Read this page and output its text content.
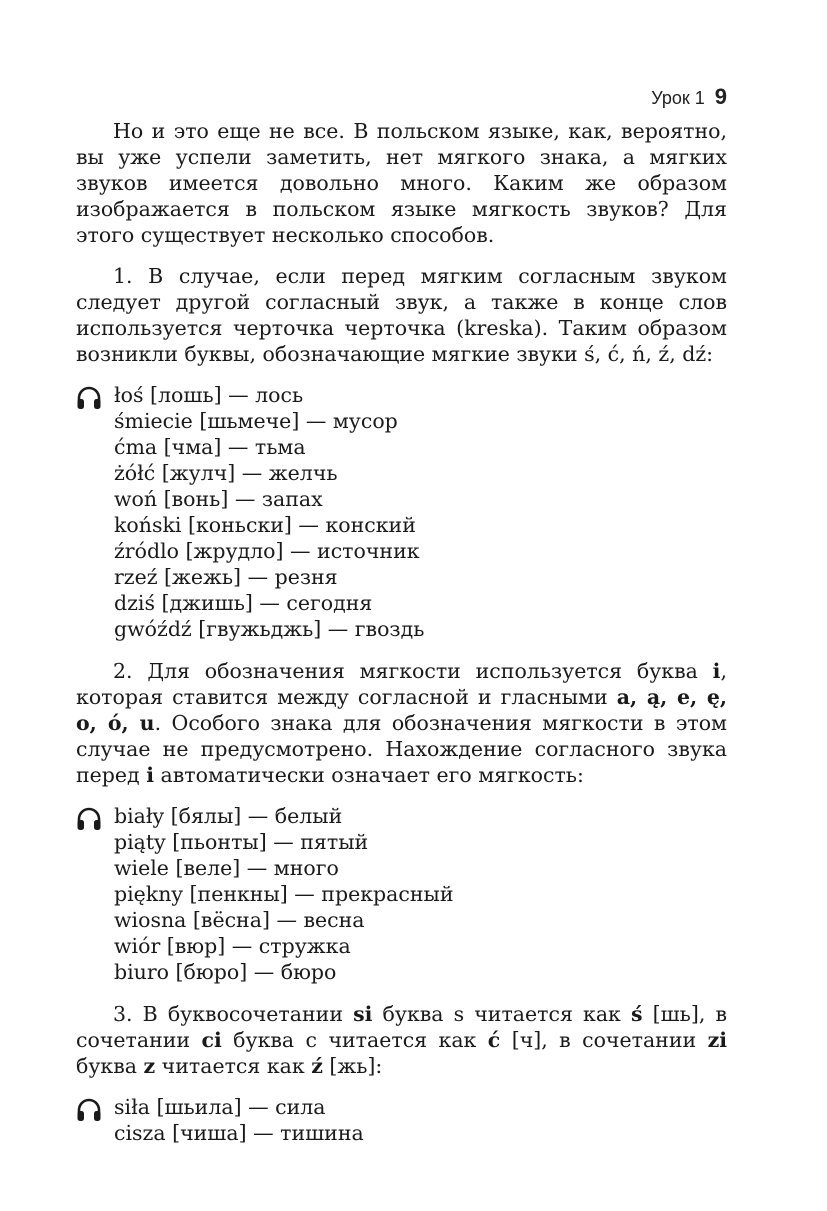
Урок 1 9

Но и это еще не все. В польском языке, как, вероятно, вы уже успели заметить, нет мягкого знака, а мягких звуков имеется довольно много. Каким же образом изображается в польском языке мягкость звуков? Для этого существует несколько способов.

1. В случае, если перед мягким согласным звуком следует другой согласный звук, а также в конце слов используется черточка черточка (kreska). Таким образом возникли буквы, обозначающие мягкие звуки ś, ć, ń, ź, dź:

łoś [лошь] — лось
śmiecie [шьмече] — мусор
ćma [чма] — тьма
żółć [жулч] — желчь
woń [вонь] — запах
koński [коньски] — конский
źródlo [жрудло] — источник
rzeź [жежь] — резня
dziś [джишь] — сегодня
gwóźdź [гвужьджь] — гвоздь

2. Для обозначения мягкости используется буква i, которая ставится между согласной и гласными a, ą, e, ę, o, ó, u. Особого знака для обозначения мягкости в этом случае не предусмотрено. Нахождение согласного звука перед i автоматически означает его мягкость:

biały [бялы] — белый
piąty [пьонты] — пятый
wiele [веле] — много
piękny [пенкны] — прекрасный
wiosna [вёсна] — весна
wiór [вюр] — стружка
biuro [бюро] — бюро

3. В буквосочетании si буква s читается как ś [шь], в сочетании ci буква c читается как ć [ч], в сочетании zi буква z читается как ź [жь]:

siła [шьила] — сила
cisza [чиша] — тишина
